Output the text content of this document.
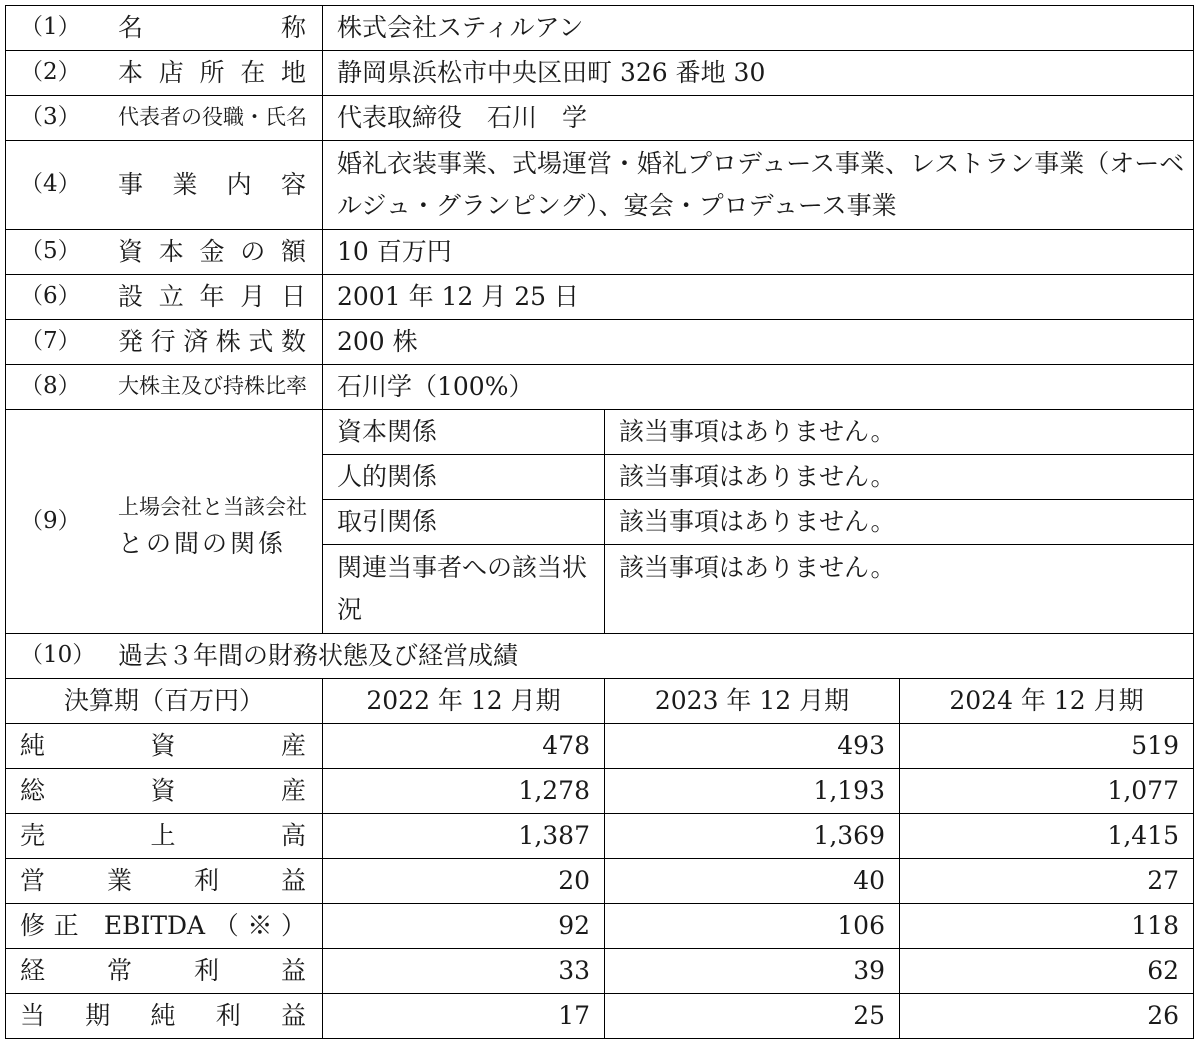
（1） 名称	株式会社スティルアン		

（2） 本店所在地	静岡県浜松市中央区田町 326 番地 30		

（3） 代表者の役職・氏名	代表取締役　石川　学		

（4） 事業内容	婚礼衣装事業、式場運営・婚礼プロデュース事業、レストラン事業（オーベルジュ・グランピング）、宴会・プロデュース事業		

（5） 資本金の額	10 百万円		

（6） 設立年月日	2001 年 12 月 25 日		

（7） 発行済株式数	200 株		

（8） 大株主及び持株比率	石川学（100%）		

（9）
上場会社と当該会社
との間の関係	資本関係	該当事項はありません。	
	人的関係	該当事項はありません。	
	取引関係	該当事項はありません。	
	関連当事者への該当状況	該当事項はありません。	

（10） 過去３年間の財務状態及び経営成績			

決算期（百万円）	2022 年 12 月期	2023 年 12 月期	2024 年 12 月期

純資産	478	493	519

総資産	1,278	1,193	1,077

売上高	1,387	1,369	1,415

営業利益	20	40	27

修正 EBITDA（※）	92	106	118

経常利益	33	39	62

当期純利益	17	25	26
